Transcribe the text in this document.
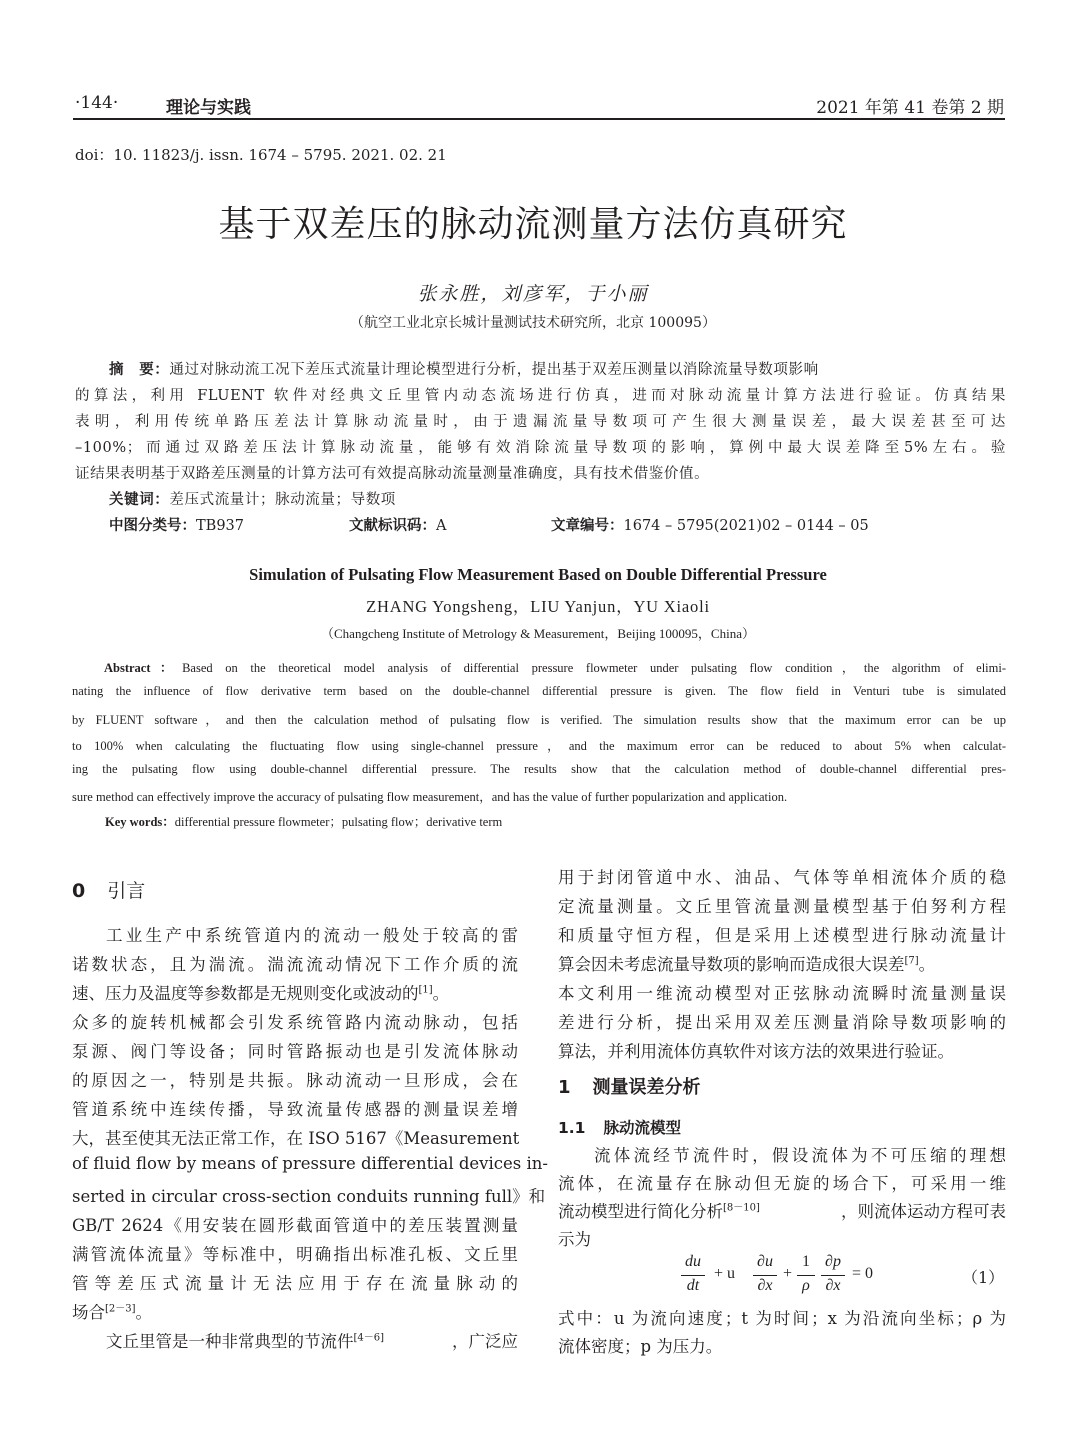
·144·	理论与实践	2021 年第 41 卷第 2 期
doi：10. 11823/j. issn. 1674 – 5795. 2021. 02. 21
基于双差压的脉动流测量方法仿真研究
张永胜，刘彦军，于小丽
（航空工业北京长城计量测试技术研究所，北京 100095）
摘　要：通过对脉动流工况下差压式流量计理论模型进行分析，提出基于双差压测量以消除流量导数项影响
的算法，利用 FLUENT 软件对经典文丘里管内动态流场进行仿真，进而对脉动流量计算方法进行验证。仿真结果
表明，利用传统单路压差法计算脉动流量时，由于遗漏流量导数项可产生很大测量误差，最大误差甚至可达
–100%；而通过双路差压法计算脉动流量，能够有效消除流量导数项的影响，算例中最大误差降至5%左右。验
证结果表明基于双路差压测量的计算方法可有效提高脉动流量测量准确度，具有技术借鉴价值。
关键词：差压式流量计；脉动流量；导数项
中图分类号：TB937	文献标识码：A	文章编号：1674 – 5795(2021)02 – 0144 – 05
Simulation of Pulsating Flow Measurement Based on Double Differential Pressure
ZHANG Yongsheng，LIU Yanjun，YU Xiaoli
（Changcheng Institute of Metrology & Measurement，Beijing 100095，China）
Abstract：Based on the theoretical model analysis of differential pressure flowmeter under pulsating flow condition，the algorithm of elimi-
nating the influence of flow derivative term based on the double-channel differential pressure is given. The flow field in Venturi tube is simulated
by FLUENT software，and then the calculation method of pulsating flow is verified. The simulation results show that the maximum error can be up
to 100% when calculating the fluctuating flow using single-channel pressure，and the maximum error can be reduced to about 5% when calculat-
ing the pulsating flow using double-channel differential pressure. The results show that the calculation method of double-channel differential pres-
sure method can effectively improve the accuracy of pulsating flow measurement，and has the value of further popularization and application.
Key words：differential pressure flowmeter；pulsating flow；derivative term
0 引言
工业生产中系统管道内的流动一般处于较高的雷
诺数状态，且为湍流。湍流流动情况下工作介质的流
速、压力及温度等参数都是无规则变化或波动的[1]。
众多的旋转机械都会引发系统管路内流动脉动，包括
泵源、阀门等设备；同时管路振动也是引发流体脉动
的原因之一，特别是共振。脉动流动一旦形成，会在
管道系统中连续传播，导致流量传感器的测量误差增
大，甚至使其无法正常工作，在 ISO 5167《Measurement
of fluid flow by means of pressure differential devices in-
serted in circular cross-section conduits running full》和
GB/T 2624《用安装在圆形截面管道中的差压装置测量
满管流体流量》等标准中，明确指出标准孔板、文丘里
管等差压式流量计无法应用于存在流量脉动的
场合[2－3]。
文丘里管是一种非常典型的节流件[4－6]	，广泛应
用于封闭管道中水、油品、气体等单相流体介质的稳
定流量测量。文丘里管流量测量模型基于伯努利方程
和质量守恒方程，但是采用上述模型进行脉动流量计
算会因未考虑流量导数项的影响而造成很大误差[7]。
本文利用一维流动模型对正弦脉动流瞬时流量测量误
差进行分析，提出采用双差压测量消除导数项影响的
算法，并利用流体仿真软件对该方法的效果进行验证。
1 测量误差分析
1.1 脉动流模型
流体流经节流件时，假设流体为不可压缩的理想
流体，在流量存在脉动但无旋的场合下，可采用一维
流动模型进行简化分析[8－10]	，则流体运动方程可表
示为
du
dt
+ u
∂u
∂x
+
1
ρ
∂p
∂x
= 0	（1）
式中：u 为流向速度；t 为时间；x 为沿流向坐标；ρ 为
流体密度；p 为压力。
